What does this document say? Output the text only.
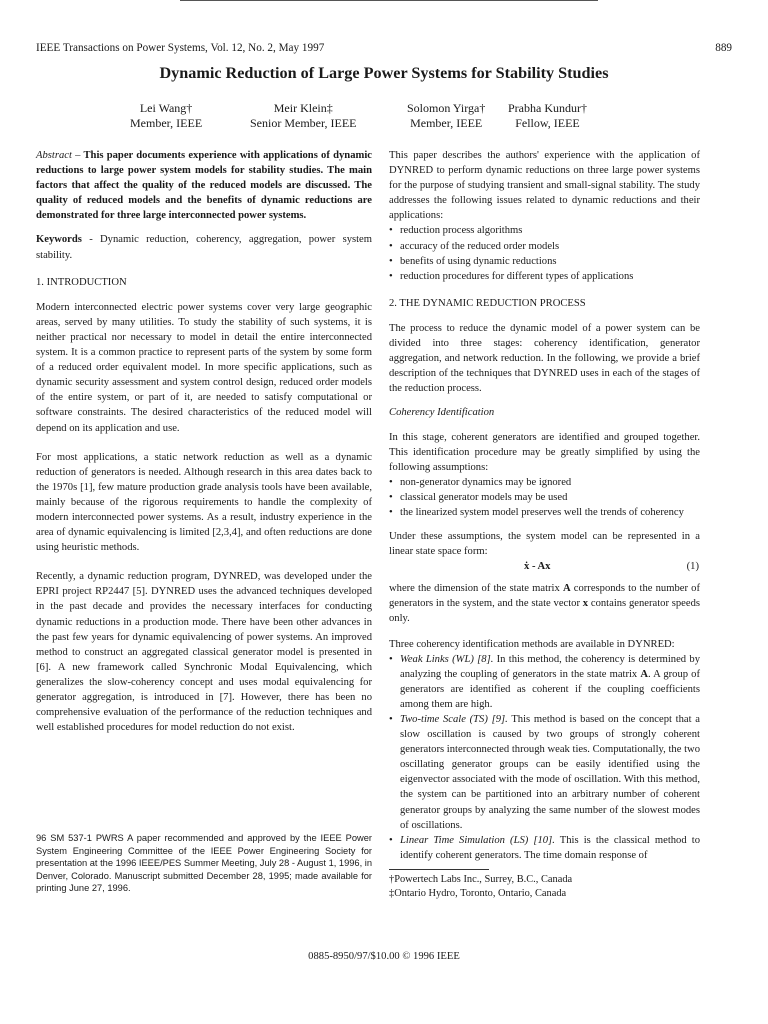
IEEE Transactions on Power Systems, Vol. 12, No. 2, May 1997	889
Dynamic Reduction of Large Power Systems for Stability Studies
Lei Wang†
Member, IEEE
Meir Klein‡
Senior Member, IEEE
Solomon Yirga†
Member, IEEE
Prabha Kundur†
Fellow, IEEE

Abstract – This paper documents experience with applications of dynamic reductions to large power system models for stability studies. The main factors that affect the quality of the reduced models are discussed. The quality of reduced models and the benefits of dynamic reductions are demonstrated for three large interconnected power systems.

Keywords - Dynamic reduction, coherency, aggregation, power system stability.

1. INTRODUCTION

Modern interconnected electric power systems cover very large geographic areas, served by many utilities. To study the stability of such systems, it is neither practical nor necessary to model in detail the entire interconnected system. It is a common practice to represent parts of the system by some form of a reduced order equivalent model. In more specific applications, such as dynamic security assessment and system control design, reduced order models of the entire system, or part of it, are needed to satisfy computational or software constraints. The desired characteristics of the reduced model will depend on its application and use.

For most applications, a static network reduction as well as a dynamic reduction of generators is needed. Although research in this area dates back to the 1970s [1], few mature production grade analysis tools have been available, mainly because of the rigorous requirements to handle the complexity of modern interconnected power systems. As a result, industry experience in the area of dynamic equivalencing is limited [2,3,4], and often reductions are done using heuristic methods.

Recently, a dynamic reduction program, DYNRED, was developed under the EPRI project RP2447 [5]. DYNRED uses the advanced techniques developed in the past decade and provides the necessary interfaces for conducting dynamic reductions in a production mode. There have been other advances in the past few years for dynamic equivalencing of power systems. An improved method to construct an aggregated classical generator model is presented in [6]. A new framework called Synchronic Modal Equivalencing, which generalizes the slow-coherency concept and uses modal equivalencing for generator aggregation, is introduced in [7]. However, there has been no comprehensive evaluation of the performance of the reduction techniques and well established procedures for model reduction do not exist.

96 SM 537-1 PWRS A paper recommended and approved by the IEEE Power System Engineering Committee of the IEEE Power Engineering Society for presentation at the 1996 IEEE/PES Summer Meeting, July 28 - August 1, 1996, in Denver, Colorado. Manuscript submitted December 28, 1995; made available for printing June 27, 1996.

This paper describes the authors' experience with the application of DYNRED to perform dynamic reductions on three large power systems for the purpose of studying transient and small-signal stability. The study addresses the following issues related to dynamic reductions and their applications:

• reduction process algorithms
• accuracy of the reduced order models
• benefits of using dynamic reductions
• reduction procedures for different types of applications

2. THE DYNAMIC REDUCTION PROCESS

The process to reduce the dynamic model of a power system can be divided into three stages: coherency identification, generator aggregation, and network reduction. In the following, we provide a brief description of the techniques that DYNRED uses in each of the stages of the reduction process.

Coherency Identification

In this stage, coherent generators are identified and grouped together. This identification procedure may be greatly simplified by using the following assumptions:

• non-generator dynamics may be ignored
• classical generator models may be used
• the linearized system model preserves well the trends of coherency

Under these assumptions, the system model can be represented in a linear state space form:

ẋ - Ax	(1)

where the dimension of the state matrix A corresponds to the number of generators in the system, and the state vector x contains generator speeds only.

Three coherency identification methods are available in DYNRED:

• Weak Links (WL) [8]. In this method, the coherency is determined by analyzing the coupling of generators in the state matrix A. A group of generators are identified as coherent if the coupling coefficients among them are high.
• Two-time Scale (TS) [9]. This method is based on the concept that a slow oscillation is caused by two groups of strongly coherent generators interconnected through weak ties. Computationally, the two oscillating generator groups can be easily identified using the eigenvector associated with the mode of oscillation. With this method, the system can be partitioned into an arbitrary number of coherent generator groups by analyzing the same number of the slowest modes of oscillations.
• Linear Time Simulation (LS) [10]. This is the classical method to identify coherent generators. The time domain response of
†Powertech Labs Inc., Surrey, B.C., Canada
‡Ontario Hydro, Toronto, Ontario, Canada
0885-8950/97/$10.00 © 1996 IEEE
